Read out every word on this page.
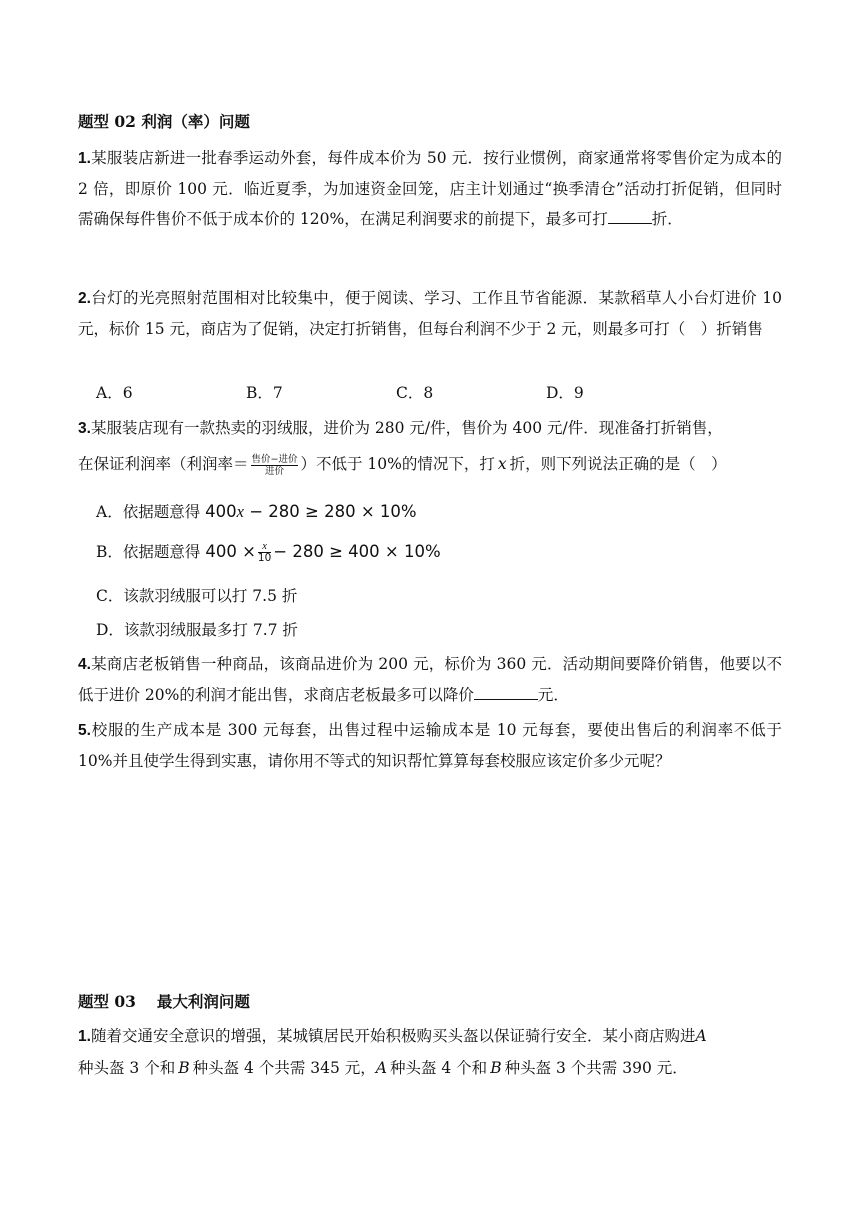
题型 02 利润（率）问题
1.某服装店新进一批春季运动外套，每件成本价为 50 元．按行业惯例，商家通常将零售价定为成本的 2 倍，即原价 100 元．临近夏季，为加速资金回笼，店主计划通过“换季清仓”活动打折促销，但同时需确保每件售价不低于成本价的 120%，在满足利润要求的前提下，最多可打	折．
2.台灯的光亮照射范围相对比较集中，便于阅读、学习、工作且节省能源．某款稻草人小台灯进价 10 元，标价 15 元，商店为了促销，决定打折销售，但每台利润不少于 2 元，则最多可打（　）折销售
A．6	B．7	C．8	D．9
3.某服装店现有一款热卖的羽绒服，进价为 280 元/件，售价为 400 元/件．现准备打折销售，
在保证利润率（利润率＝ $\frac{\text{售价−进价}}{\text{进价}}$ ）不低于 10%的情况下，打 x 折，则下列说法正确的是（　）
A．依据题意得 400x − 280 ≥ 280 × 10%
B．依据题意得 $400 \times \frac{x}{10} - 280 \ge 400 \times 10\%$
C．该款羽绒服可以打 7.5 折
D．该款羽绒服最多打 7.7 折
4.某商店老板销售一种商品，该商品进价为 200 元，标价为 360 元．活动期间要降价销售，他要以不低于进价 20%的利润才能出售，求商店老板最多可以降价	元．
5.校服的生产成本是 300 元每套，出售过程中运输成本是 10 元每套，要使出售后的利润率不低于 10%并且使学生得到实惠，请你用不等式的知识帮忙算算每套校服应该定价多少元呢？
题型 03　 最大利润问题
1.随着交通安全意识的增强，某城镇居民开始积极购买头盔以保证骑行安全．某小商店购进A
种头盔 3 个和 B 种头盔 4 个共需 345 元，A 种头盔 4 个和 B 种头盔 3 个共需 390 元．
